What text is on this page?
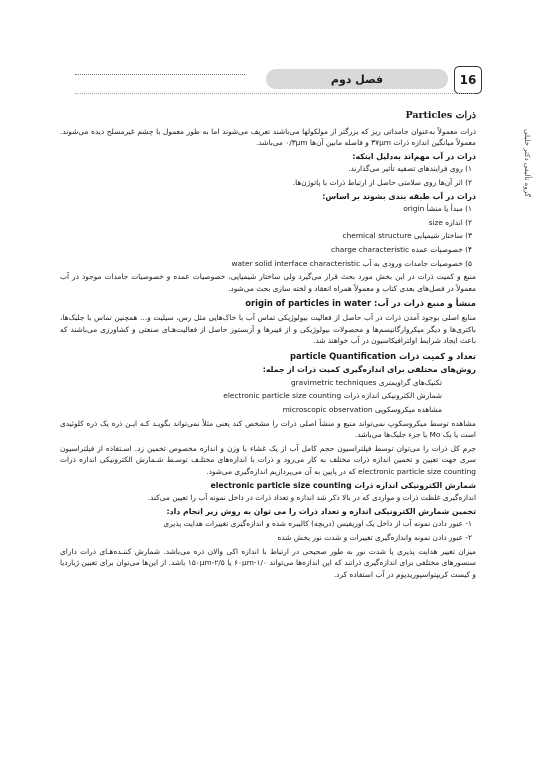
16
فصل دوم
گروه تألیفی دکتر خلیلی
ذرات Particles

ذرات معمولاً به‌عنوان جامداتی ریز که بزرگتر از مولکولها می‌باشند تعریف می‌شوند اما به طور معمول با چشم غیرمسلح دیده می‌شوند. معمولاً میانگین اندازه ذرات ۳۷μm و فاصله مابین آن‌ها ۰/۳μm می‌باشد.

ذرات در آب مهم‌اند به‌دلیل اینکه:

۱) روی فرایندهای تصفیه تأثیر می‌گذارند.

۲) اثر آن‌ها روی سلامتی حاصل از ارتباط ذرات با پاتوژن‌ها.

ذرات در آب طبقه بندی بشوند بر اساس:

۱) مبدأ یا منشأ origin

۲) اندازه size

۳) ساختار شیمیایی chemical structure

۴) خصوصیات عمده charge characteristic

۵) خصوصیات جامدات ورودی به آب water solid interface characteristic

منبع و کمیت ذرات در این بخش مورد بحث قرار می‌گیرد ولی ساختار شیمیایی، خصوصیات عمده و خصوصیات جامدات موجود در آب معمولاً در فصل‌های بعدی کتاب و معمولاً همراه انعقاد و لخته سازی بحث می‌شود.

منشأ و منبع ذرات در آب: origin of particles in water

منابع اصلی بوجود آمدن ذرات در آب حاصل از فعالیت بیولوژیکی تماس آب با خاک‌هایی مثل رس، سیلیت و... همچنین تماس با جلبک‌ها، باکتری‌ها و دیگر میکروارگانیسم‌ها و محصولات بیولوژیکی و از فیبرها و آزبستوز حاصل از فعالیت‌هـای صنعتی و کشاورزی می‌باشند که باعث ایجاد شرایط اولترافیکاسیون در آب خواهند شد.

تعداد و کمیت ذرات particle Quantification
روش‌های مختلفی برای اندازه‌گیری کمیت ذرات از جمله:

تکنیک‌های گراویمتری gravimetric techniques

شمارش الکترونیکی اندازه ذرات electronic particle size counting

مشاهده میکروسکوپی microscopic observation

مشاهده توسط میکروسکوپ نمی‌تواند منبع و منشأ اصلی ذرات را مشخص کند یعنی مثلاً نمی‌تواند بگویـد کـه ایـن ذره یک ذره کلوئیدی است یا یک Mo یا جزء جلبک‌ها می‌باشد.

جرم کل ذرات را می‌توان توسط فیلتراسیون حجم کامل آب از یک غشاء با وزن و اندازه مخصوص تخمین زد. اسـتفاده از فیلتراسیون سری جهت تعیین و تخمین اندازه ذرات مختلف به کار می‌رود و ذرات با اندازه‌های مختلـف توسـط شـمارش الکترونیکی اندازه ذرات electronic particle size counting که در پایین به آن می‌پردازیم اندازه‌گیری می‌شود.

شمارش الکترونیکی اندازه ذرات electronic particle size counting

اندازه‌گیری غلظت ذرات و مواردی که در بالا ذکر شد اندازه و تعداد ذرات در داخل نمونه آب را تعیین می‌کند.

تخمین شمارش الکترونیکی اندازه و تعداد ذرات را می توان به روش زیر انجام داد:

۱- عبور دادن نمونه آب از داخل یک اوریفیس (دریچه) کالیبره شده و اندازه‌گیری تغییرات هدایت پذیری

۲- عبور دادن نمونه واندازه‌گیری تغییرات و شدت نور پخش شده

میزان تغییر هدایت پذیری یا شدت نور به طور صحیحی در ارتباط با اندازه اکی والان ذره می‌باشد. شمارش کننـده‌هـای ذرات دارای سنسورهای مختلفی برای اندازه‌گیری ذراتند که این اندازه‌ها می‌تواند ۶۰μm-۱/۰ یا ۱۵۰μm-۲/۵ باشد. از این‌ها می‌توان برای تعیین ژیاردیا و کیست کریپتواسپوریدیوم در آب استفاده کرد.
